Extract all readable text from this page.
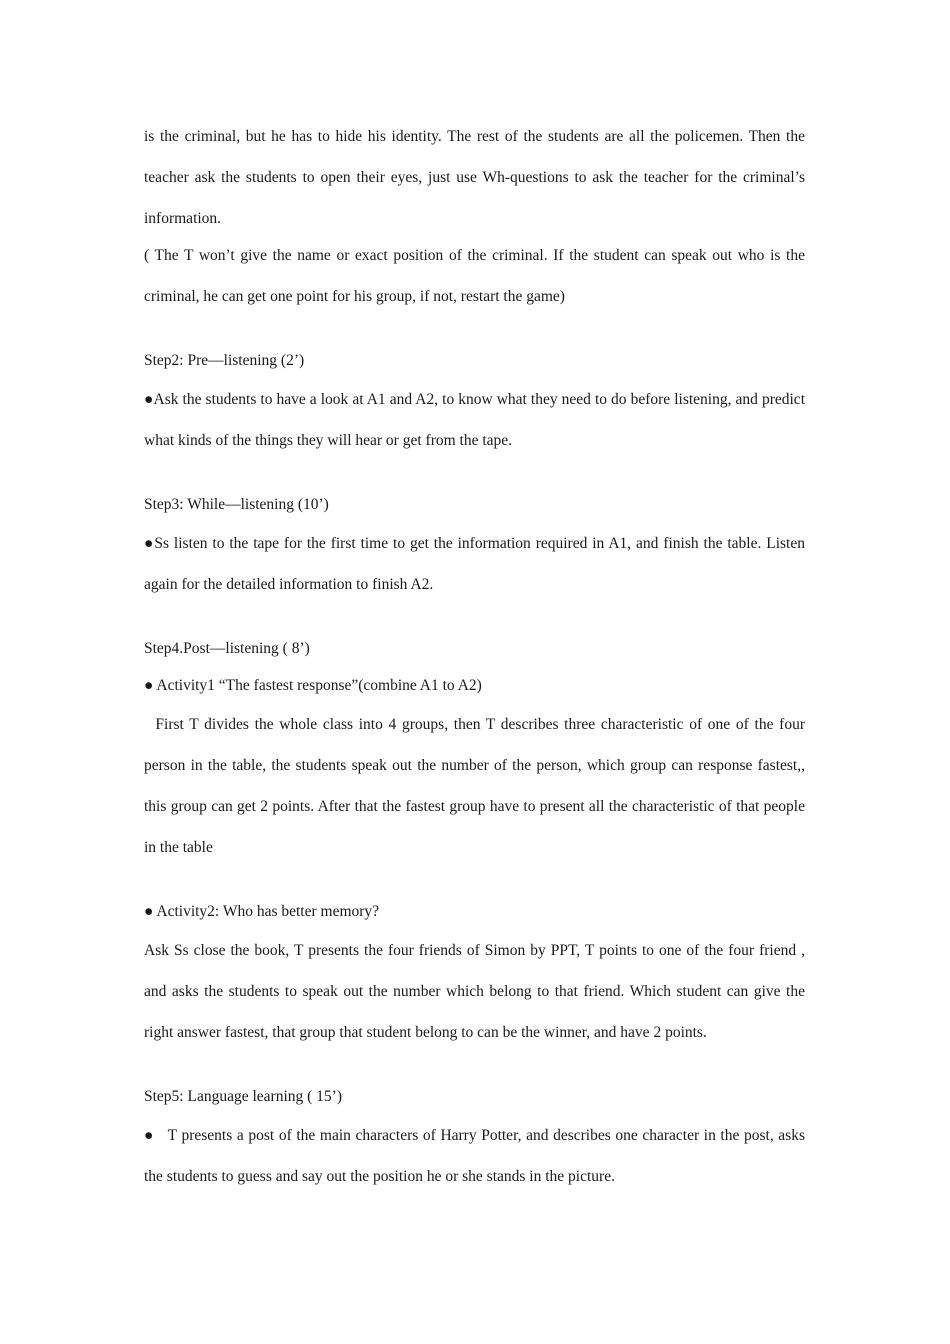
is the criminal, but he has to hide his identity. The rest of the students are all the policemen. Then the teacher ask the students to open their eyes, just use Wh-questions to ask the teacher for the criminal’s information.

( The T won’t give the name or exact position of the criminal. If the student can speak out who is the criminal, he can get one point for his group, if not, restart the game)

Step2: Pre—listening (2’)

●Ask the students to have a look at A1 and A2, to know what they need to do before listening, and predict what kinds of the things they will hear or get from the tape.

Step3: While—listening (10’)

●Ss listen to the tape for the first time to get the information required in A1, and finish the table. Listen again for the detailed information to finish A2.

Step4.Post—listening ( 8’)

● Activity1 “The fastest response”(combine A1 to A2)

First T divides the whole class into 4 groups, then T describes three characteristic of one of the four person in the table, the students speak out the number of the person, which group can response fastest,, this group can get 2 points. After that the fastest group have to present all the characteristic of that people in the table

● Activity2: Who has better memory?

Ask Ss close the book, T presents the four friends of Simon by PPT, T points to one of the four friend , and asks the students to speak out the number which belong to that friend. Which student can give the right answer fastest, that group that student belong to can be the winner, and have 2 points.

Step5: Language learning ( 15’)

●   T presents a post of the main characters of Harry Potter, and describes one character in the post, asks the students to guess and say out the position he or she stands in the picture.
